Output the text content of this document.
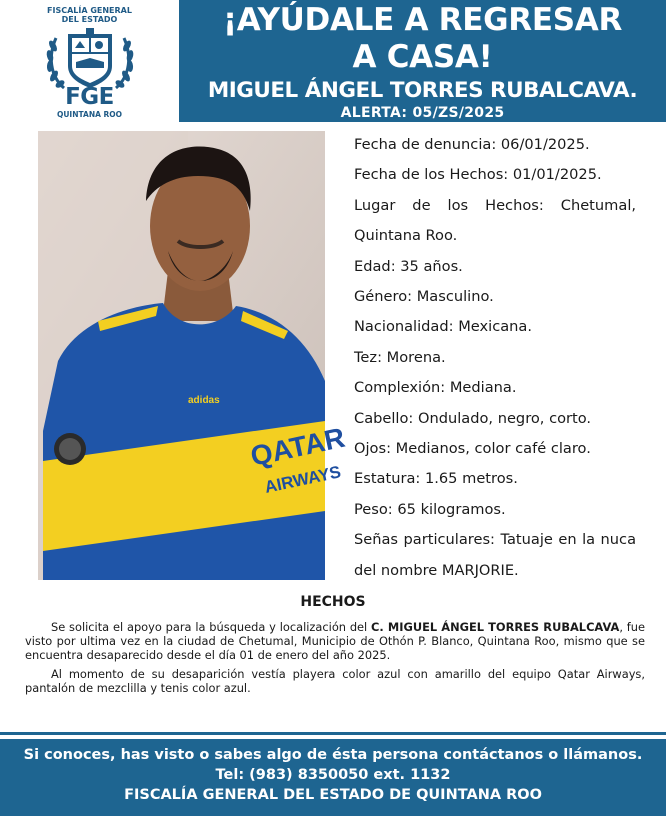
FISCALÍA GENERAL
DEL ESTADO
FGE
QUINTANA ROO
¡AYÚDALE A REGRESAR
A CASA!
MIGUEL ÁNGEL TORRES RUBALCAVA.
ALERTA: 05/ZS/2025
QATAR
AIRWAYS
adidas

Fecha de denuncia: 06/01/2025.

Fecha de los Hechos: 01/01/2025.

Lugar de los Hechos: Chetumal, Quintana Roo.

Edad: 35 años.

Género: Masculino.

Nacionalidad: Mexicana.

Tez: Morena.

Complexión: Mediana.

Cabello: Ondulado, negro, corto.

Ojos: Medianos, color café claro.

Estatura: 1.65 metros.

Peso: 65 kilogramos.

Señas particulares: Tatuaje en la nuca del nombre MARJORIE.

HECHOS

Se solicita el apoyo para la búsqueda y localización del C. MIGUEL ÁNGEL TORRES RUBALCAVA, fue visto por ultima vez en la ciudad de Chetumal, Municipio de Othón P. Blanco, Quintana Roo, mismo que se encuentra desaparecido desde el día 01 de enero del año 2025.

Al momento de su desaparición vestía playera color azul con amarillo del equipo Qatar Airways, pantalón de mezclilla y tenis color azul.

Si conoces, has visto o sabes algo de ésta persona contáctanos o llámanos.
Tel: (983) 8350050 ext. 1132
FISCALÍA GENERAL DEL ESTADO DE QUINTANA ROO
